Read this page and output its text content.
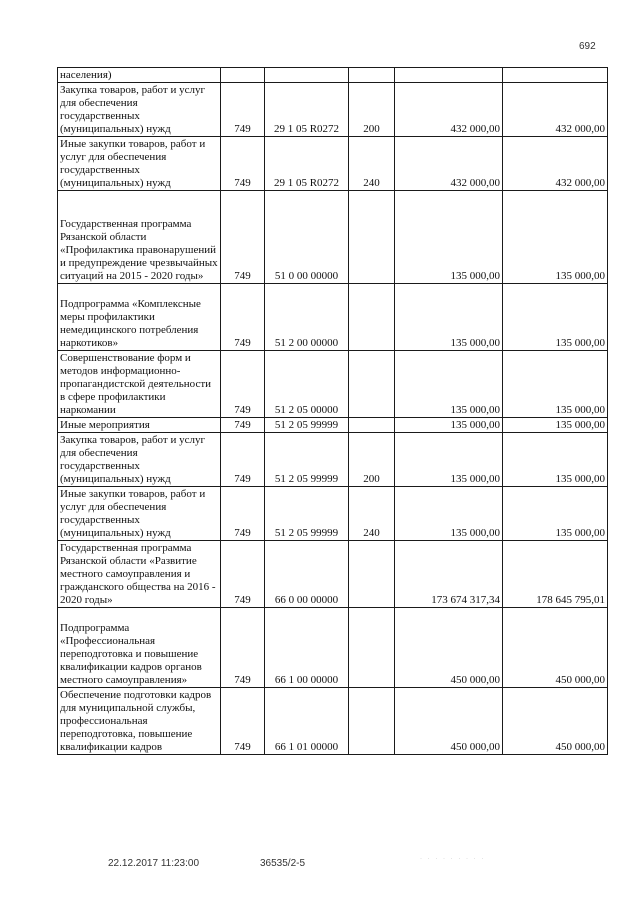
692
населения)					
Закупка товаров, работ и услуг для обеспечения государственных (муниципальных) нужд	749	29 1 05 R0272	200	432 000,00	432 000,00
Иные закупки товаров, работ и услуг для обеспечения государственных (муниципальных) нужд	749	29 1 05 R0272	240	432 000,00	432 000,00
Государственная программа Рязанской области «Профилактика правонарушений и предупреждение чрезвычайных ситуаций на 2015 - 2020 годы»	749	51 0 00 00000		135 000,00	135 000,00
Подпрограмма «Комплексные меры профилактики немедицинского потребления наркотиков»	749	51 2 00 00000		135 000,00	135 000,00
Совершенствование форм и методов информационно-пропагандистской деятельности в сфере профилактики наркомании	749	51 2 05 00000		135 000,00	135 000,00
Иные мероприятия	749	51 2 05 99999		135 000,00	135 000,00
Закупка товаров, работ и услуг для обеспечения государственных (муниципальных) нужд	749	51 2 05 99999	200	135 000,00	135 000,00
Иные закупки товаров, работ и услуг для обеспечения государственных (муниципальных) нужд	749	51 2 05 99999	240	135 000,00	135 000,00
Государственная программа Рязанской области «Развитие местного самоуправления и гражданского общества на 2016 - 2020 годы»	749	66 0 00 00000		173 674 317,34	178 645 795,01
Подпрограмма «Профессиональная переподготовка и повышение квалификации кадров органов местного самоуправления»	749	66 1 00 00000		450 000,00	450 000,00
Обеспечение подготовки кадров для муниципальной службы, профессиональная переподготовка, повышение квалификации кадров	749	66 1 01 00000		450 000,00	450 000,00
22.12.2017 11:23:00	36535/2-5	· · · · · · · · ·
